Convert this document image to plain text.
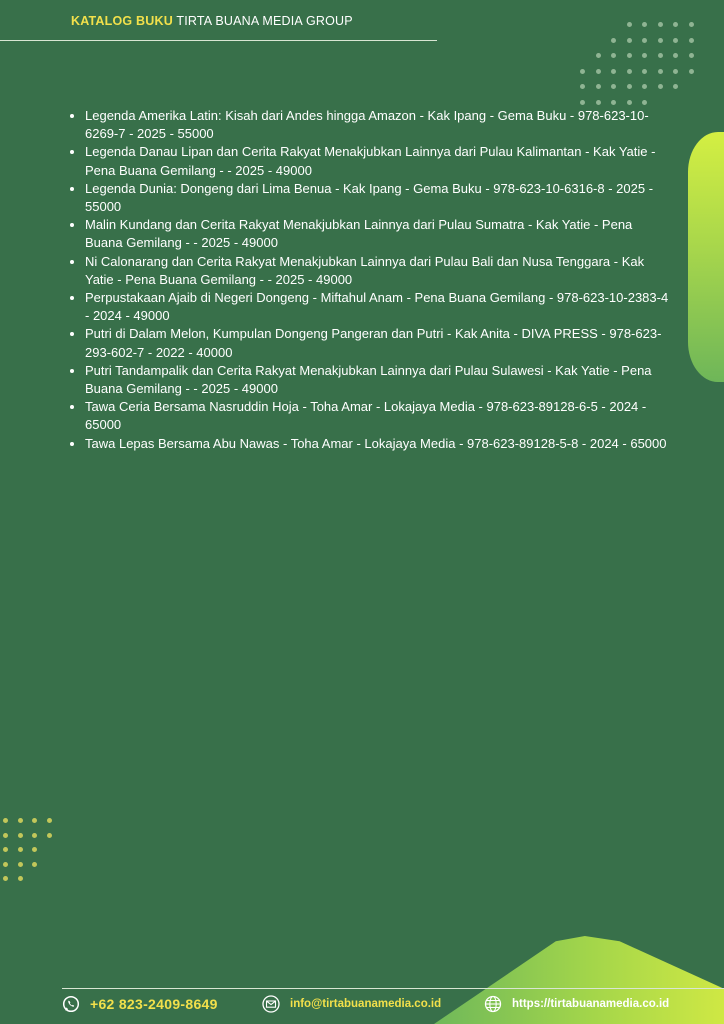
KATALOG BUKU TIRTA BUANA MEDIA GROUP
• Legenda Amerika Latin: Kisah dari Andes hingga Amazon - Kak Ipang - Gema Buku - 978-623-10-6269-7 - 2025 - 55000
• Legenda Danau Lipan dan Cerita Rakyat Menakjubkan Lainnya dari Pulau Kalimantan - Kak Yatie - Pena Buana Gemilang - - 2025 - 49000
• Legenda Dunia: Dongeng dari Lima Benua - Kak Ipang - Gema Buku - 978-623-10-6316-8 - 2025 - 55000
• Malin Kundang dan Cerita Rakyat Menakjubkan Lainnya dari Pulau Sumatra - Kak Yatie - Pena Buana Gemilang - - 2025 - 49000
• Ni Calonarang dan Cerita Rakyat Menakjubkan Lainnya dari Pulau Bali dan Nusa Tenggara - Kak Yatie - Pena Buana Gemilang - - 2025 - 49000
• Perpustakaan Ajaib di Negeri Dongeng - Miftahul Anam - Pena Buana Gemilang - 978-623-10-2383-4 - 2024 - 49000
• Putri di Dalam Melon, Kumpulan Dongeng Pangeran dan Putri - Kak Anita - DIVA PRESS - 978-623-293-602-7 - 2022 - 40000
• Putri Tandampalik dan Cerita Rakyat Menakjubkan Lainnya dari Pulau Sulawesi - Kak Yatie - Pena Buana Gemilang - - 2025 - 49000
• Tawa Ceria Bersama Nasruddin Hoja - Toha Amar - Lokajaya Media - 978-623-89128-6-5 - 2024 - 65000
• Tawa Lepas Bersama Abu Nawas - Toha Amar - Lokajaya Media - 978-623-89128-5-8 - 2024 - 65000
+62 823-2409-8649	info@tirtabuanamedia.co.id	https://tirtabuanamedia.co.id
